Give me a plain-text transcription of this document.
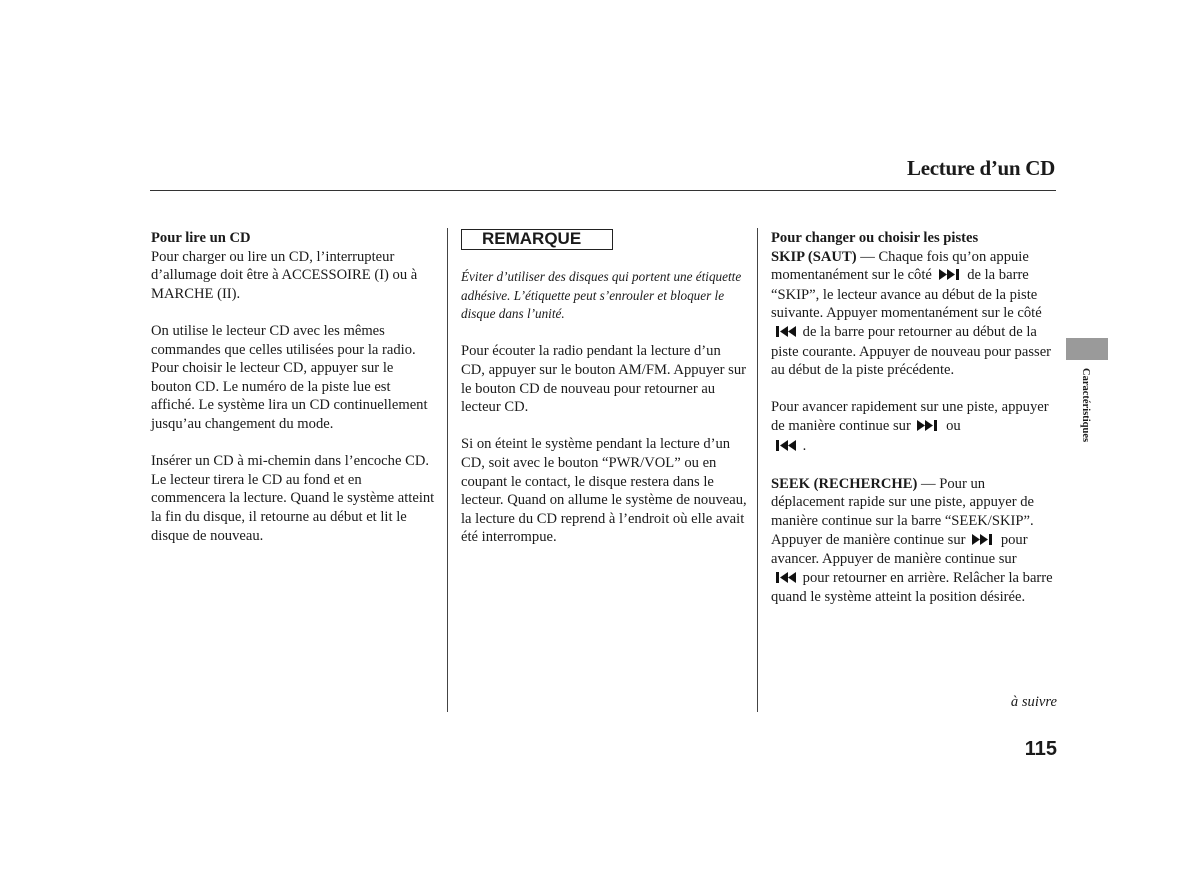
Lecture d’un CD

Pour lire un CD

Pour charger ou lire un CD, l’interrupteur d’allumage doit être à ACCESSOIRE (I) ou à MARCHE (II).

On utilise le lecteur CD avec les mêmes commandes que celles utilisées pour la radio. Pour choisir le lecteur CD, appuyer sur le bouton CD. Le numéro de la piste lue est affiché. Le système lira un CD continuellement jusqu’au changement du mode.

Insérer un CD à mi-chemin dans l’encoche CD. Le lecteur tirera le CD au fond et en commencera la lecture. Quand le système atteint la fin du disque, il retourne au début et lit le disque de nouveau.

REMARQUE

Éviter d’utiliser des disques qui portent une étiquette adhésive. L’étiquette peut s’enrouler et bloquer le disque dans l’unité.

Pour écouter la radio pendant la lecture d’un CD, appuyer sur le bouton AM/FM. Appuyer sur le bouton CD de nouveau pour retourner au lecteur CD.

Si on éteint le système pendant la lecture d’un CD, soit avec le bouton “PWR/VOL” ou en coupant le contact, le disque restera dans le lecteur. Quand on allume le système de nouveau, la lecture du CD reprend à l’endroit où elle avait été interrompue.

Pour changer ou choisir les pistes

SKIP (SAUT) — Chaque fois qu’on appuie momentanément sur le côté de la barre “SKIP”, le lecteur avance au début de la piste suivante. Appuyer momentanément sur le côté  de la barre pour retourner au début de la piste courante. Appuyer de nouveau pour passer au début de la piste précédente.

Pour avancer rapidement sur une piste, appuyer de manière continue sur ou
.

SEEK (RECHERCHE) — Pour un déplacement rapide sur une piste, appuyer de manière continue sur la barre “SEEK/SKIP”. Appuyer de manière continue sur pour avancer. Appuyer de manière continue sur
pour retourner en arrière. Relâcher la barre quand le système atteint la position désirée.

Caractéristiques
à suivre
115
